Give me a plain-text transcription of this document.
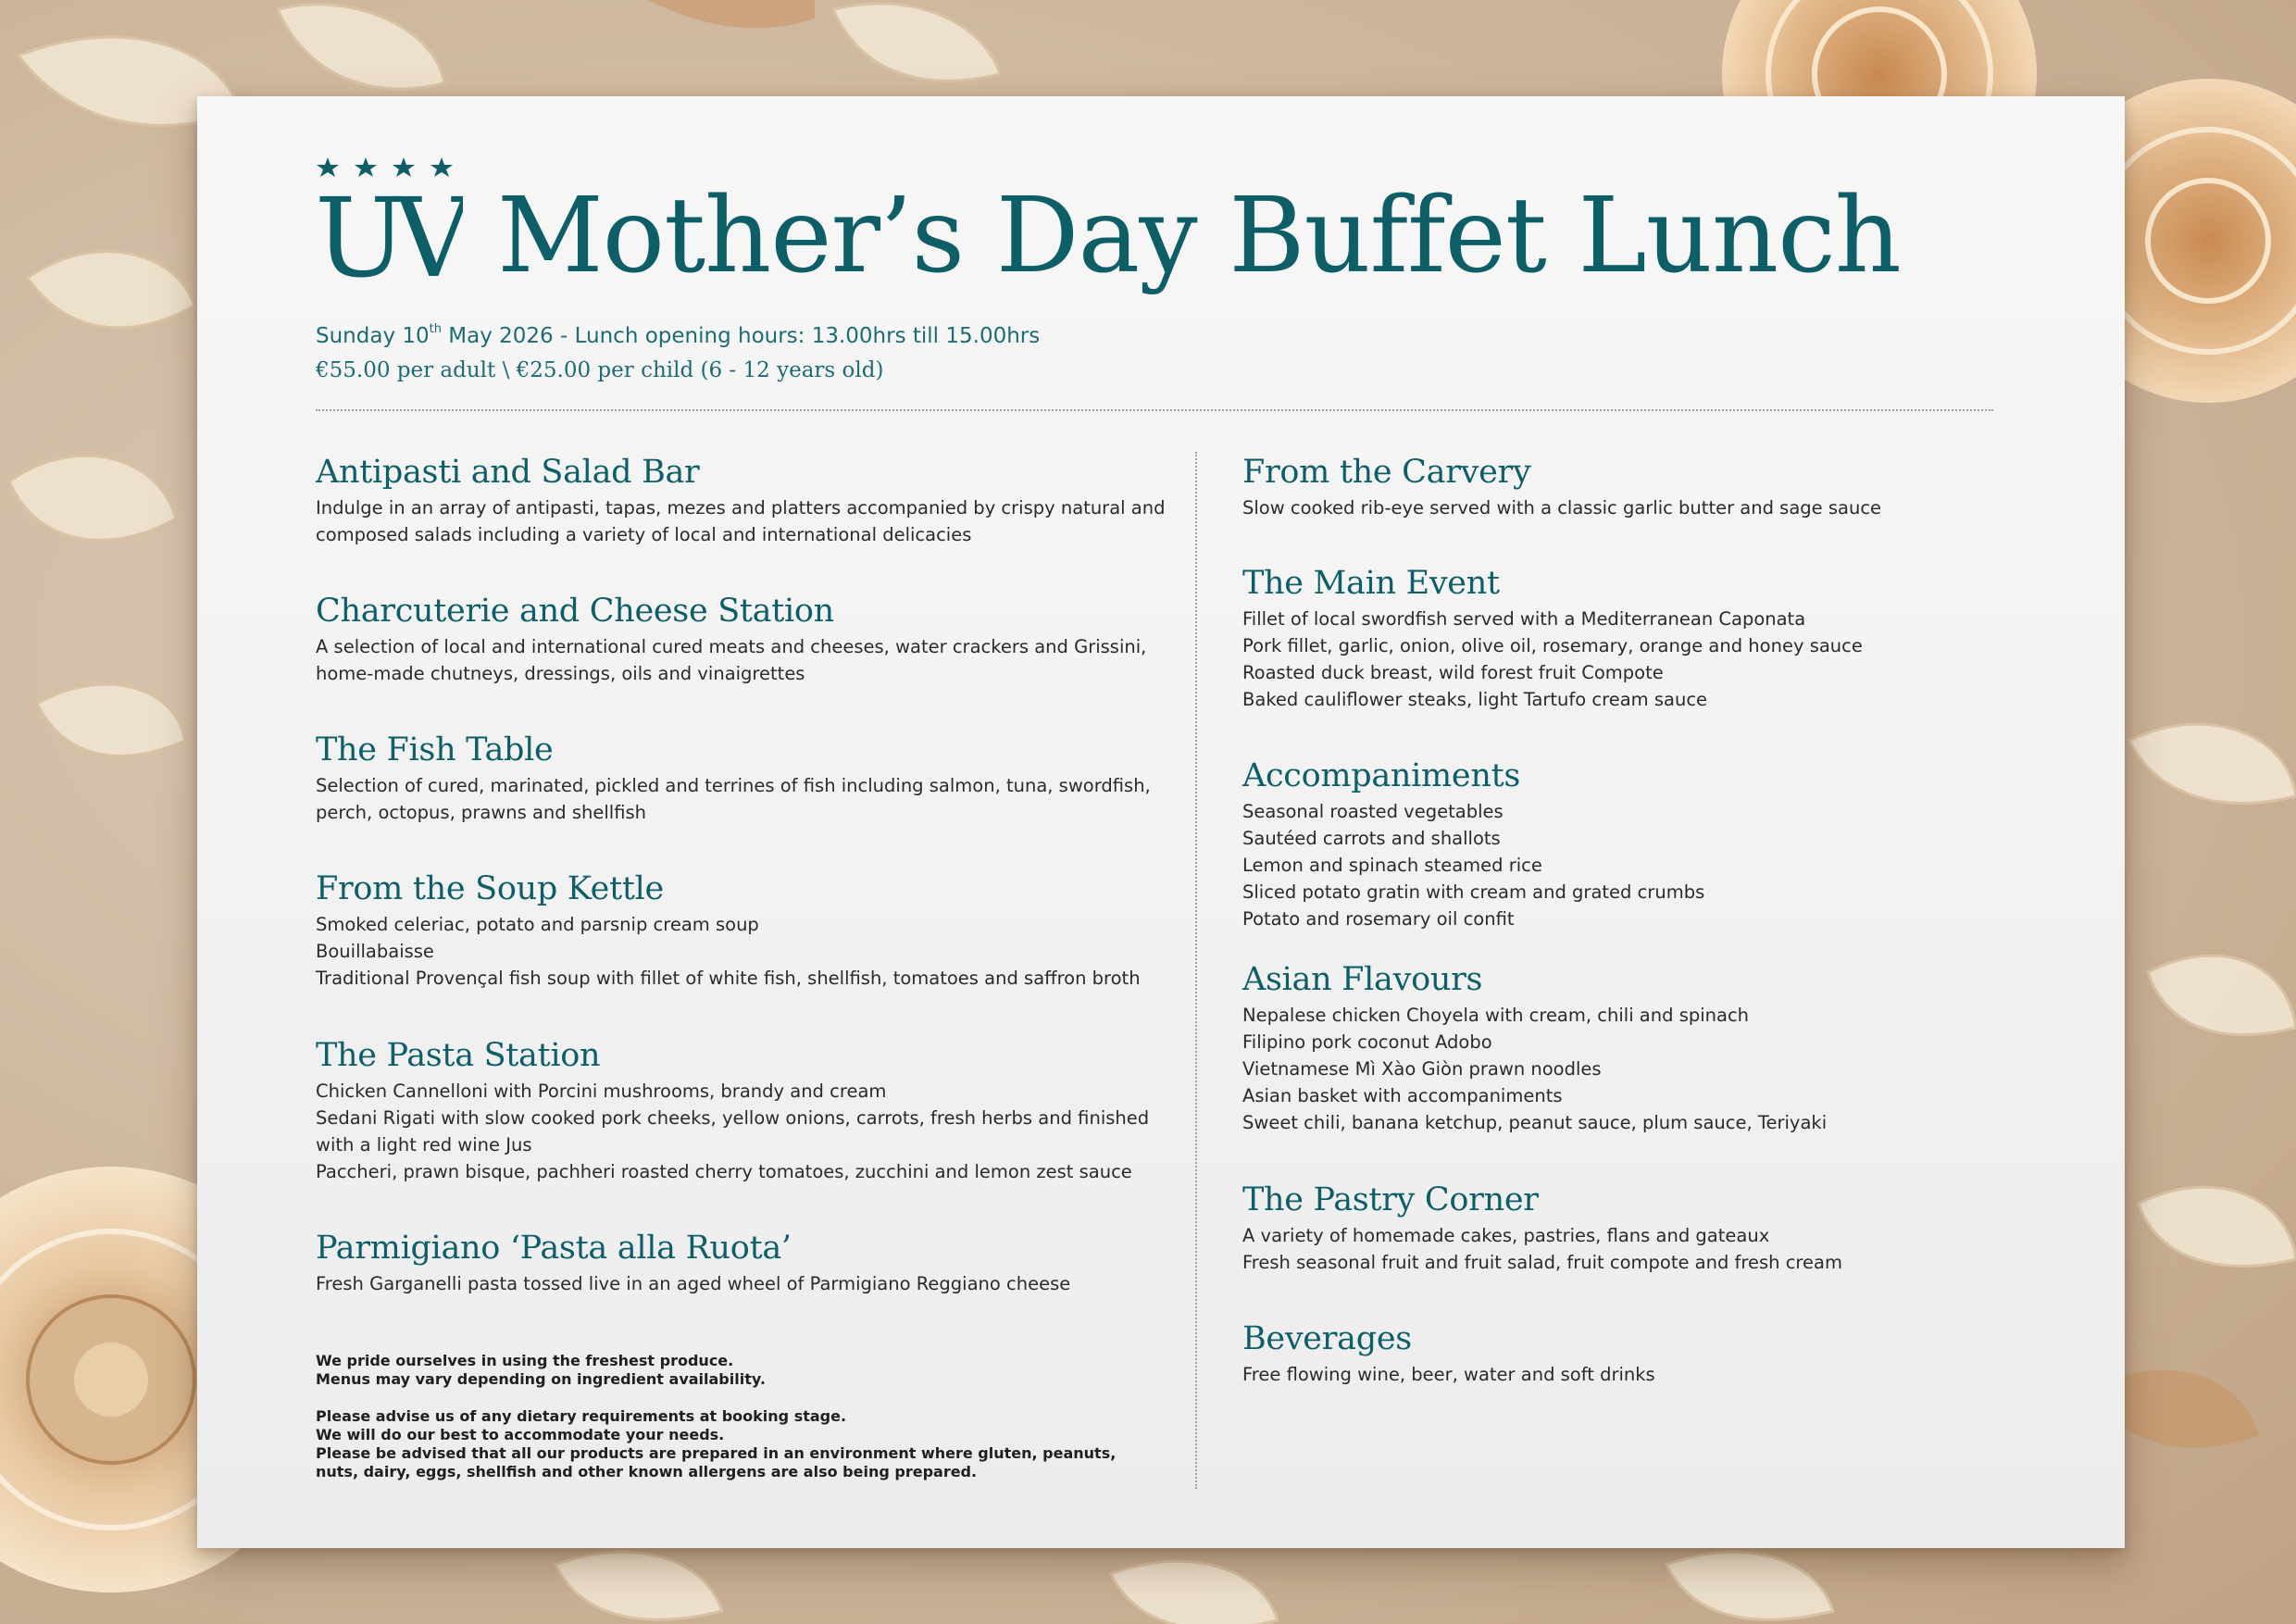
UV Mother’s Day Buffet Lunch
Sunday 10th May 2026 - Lunch opening hours: 13.00hrs till 15.00hrs
€55.00 per adult \ €25.00 per child (6 - 12 years old)
Antipasti and Salad Bar

Indulge in an array of antipasti, tapas, mezes and platters accompanied by crispy natural and

composed salads including a variety of local and international delicacies

Charcuterie and Cheese Station

A selection of local and international cured meats and cheeses, water crackers and Grissini,

home-made chutneys, dressings, oils and vinaigrettes

The Fish Table

Selection of cured, marinated, pickled and terrines of fish including salmon, tuna, swordfish,

perch, octopus, prawns and shellfish

From the Soup Kettle

Smoked celeriac, potato and parsnip cream soup

Bouillabaisse

Traditional Provençal fish soup with fillet of white fish, shellfish, tomatoes and saffron broth

The Pasta Station

Chicken Cannelloni with Porcini mushrooms, brandy and cream

Sedani Rigati with slow cooked pork cheeks, yellow onions, carrots, fresh herbs and finished

with a light red wine Jus

Paccheri, prawn bisque, pachheri roasted cherry tomatoes, zucchini and lemon zest sauce

Parmigiano ‘Pasta alla Ruota’

Fresh Garganelli pasta tossed live in an aged wheel of Parmigiano Reggiano cheese

We pride ourselves in using the freshest produce.
Menus may vary depending on ingredient availability.
Please advise us of any dietary requirements at booking stage.
We will do our best to accommodate your needs.
Please be advised that all our products are prepared in an environment where gluten, peanuts,
nuts, dairy, eggs, shellfish and other known allergens are also being prepared.
From the Carvery

Slow cooked rib-eye served with a classic garlic butter and sage sauce

The Main Event

Fillet of local swordfish served with a Mediterranean Caponata

Pork fillet, garlic, onion, olive oil, rosemary, orange and honey sauce

Roasted duck breast, wild forest fruit Compote

Baked cauliflower steaks, light Tartufo cream sauce

Accompaniments

Seasonal roasted vegetables

Sautéed carrots and shallots

Lemon and spinach steamed rice

Sliced potato gratin with cream and grated crumbs

Potato and rosemary oil confit

Asian Flavours

Nepalese chicken Choyela with cream, chili and spinach

Filipino pork coconut Adobo

Vietnamese Mì Xào Giòn prawn noodles

Asian basket with accompaniments

Sweet chili, banana ketchup, peanut sauce, plum sauce, Teriyaki

The Pastry Corner

A variety of homemade cakes, pastries, flans and gateaux

Fresh seasonal fruit and fruit salad, fruit compote and fresh cream

Beverages

Free flowing wine, beer, water and soft drinks
